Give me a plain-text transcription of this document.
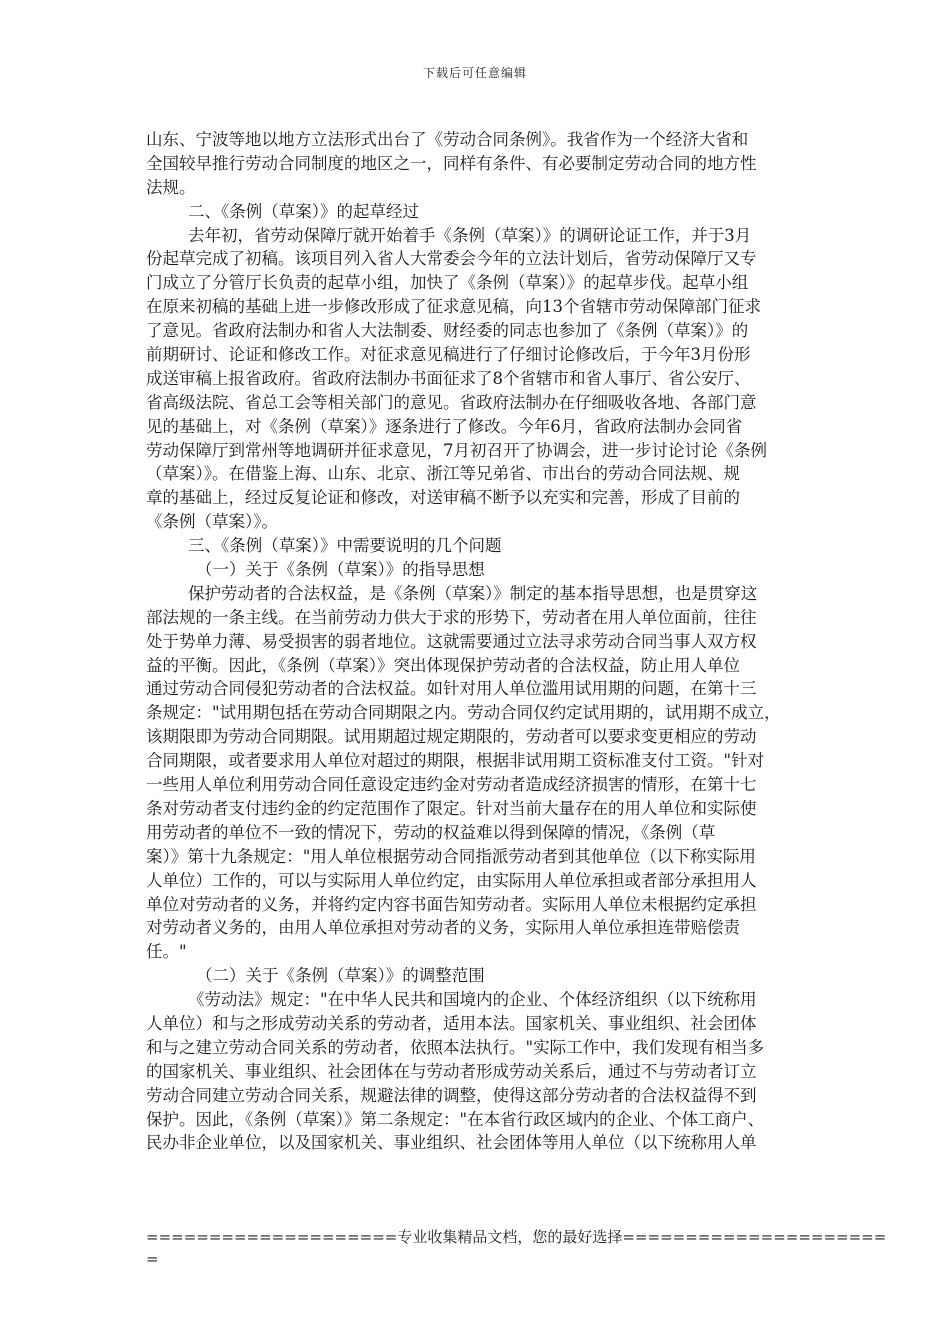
下载后可任意编辑
山东、宁波等地以地方立法形式出台了《劳动合同条例》。我省作为一个经济大省和
全国较早推行劳动合同制度的地区之一，同样有条件、有必要制定劳动合同的地方性
法规。
二、《条例（草案）》的起草经过
去年初，省劳动保障厅就开始着手《条例（草案）》的调研论证工作，并于3月
份起草完成了初稿。该项目列入省人大常委会今年的立法计划后，省劳动保障厅又专
门成立了分管厅长负责的起草小组，加快了《条例（草案）》的起草步伐。起草小组
在原来初稿的基础上进一步修改形成了征求意见稿，向13个省辖市劳动保障部门征求
了意见。省政府法制办和省人大法制委、财经委的同志也参加了《条例（草案）》的
前期研讨、论证和修改工作。对征求意见稿进行了仔细讨论修改后，于今年3月份形
成送审稿上报省政府。省政府法制办书面征求了8个省辖市和省人事厅、省公安厅、
省高级法院、省总工会等相关部门的意见。省政府法制办在仔细吸收各地、各部门意
见的基础上，对《条例（草案）》逐条进行了修改。今年6月，省政府法制办会同省
劳动保障厅到常州等地调研并征求意见，7月初召开了协调会，进一步讨论讨论《条例
（草案）》。在借鉴上海、山东、北京、浙江等兄弟省、市出台的劳动合同法规、规
章的基础上，经过反复论证和修改，对送审稿不断予以充实和完善，形成了目前的
《条例（草案）》。
三、《条例（草案）》中需要说明的几个问题
（一）关于《条例（草案）》的指导思想
保护劳动者的合法权益，是《条例（草案）》制定的基本指导思想，也是贯穿这
部法规的一条主线。在当前劳动力供大于求的形势下，劳动者在用人单位面前，往往
处于势单力薄、易受损害的弱者地位。这就需要通过立法寻求劳动合同当事人双方权
益的平衡。因此，《条例（草案）》突出体现保护劳动者的合法权益，防止用人单位
通过劳动合同侵犯劳动者的合法权益。如针对用人单位滥用试用期的问题，在第十三
条规定："试用期包括在劳动合同期限之内。劳动合同仅约定试用期的，试用期不成立，
该期限即为劳动合同期限。试用期超过规定期限的，劳动者可以要求变更相应的劳动
合同期限，或者要求用人单位对超过的期限，根据非试用期工资标准支付工资。"针对
一些用人单位利用劳动合同任意设定违约金对劳动者造成经济损害的情形，在第十七
条对劳动者支付违约金的约定范围作了限定。针对当前大量存在的用人单位和实际使
用劳动者的单位不一致的情况下，劳动的权益难以得到保障的情况，《条例（草
案）》第十九条规定："用人单位根据劳动合同指派劳动者到其他单位（以下称实际用
人单位）工作的，可以与实际用人单位约定，由实际用人单位承担或者部分承担用人
单位对劳动者的义务，并将约定内容书面告知劳动者。实际用人单位未根据约定承担
对劳动者义务的，由用人单位承担对劳动者的义务，实际用人单位承担连带赔偿责
任。"
（二）关于《条例（草案）》的调整范围
《劳动法》规定："在中华人民共和国境内的企业、个体经济组织（以下统称用
人单位）和与之形成劳动关系的劳动者，适用本法。国家机关、事业组织、社会团体
和与之建立劳动合同关系的劳动者，依照本法执行。"实际工作中，我们发现有相当多
的国家机关、事业组织、社会团体在与劳动者形成劳动关系后，通过不与劳动者订立
劳动合同建立劳动合同关系，规避法律的调整，使得这部分劳动者的合法权益得不到
保护。因此，《条例（草案）》第二条规定："在本省行政区域内的企业、个体工商户、
民办非企业单位，以及国家机关、事业组织、社会团体等用人单位（以下统称用人单
====================专业收集精品文档，您的最好选择=====================
=
